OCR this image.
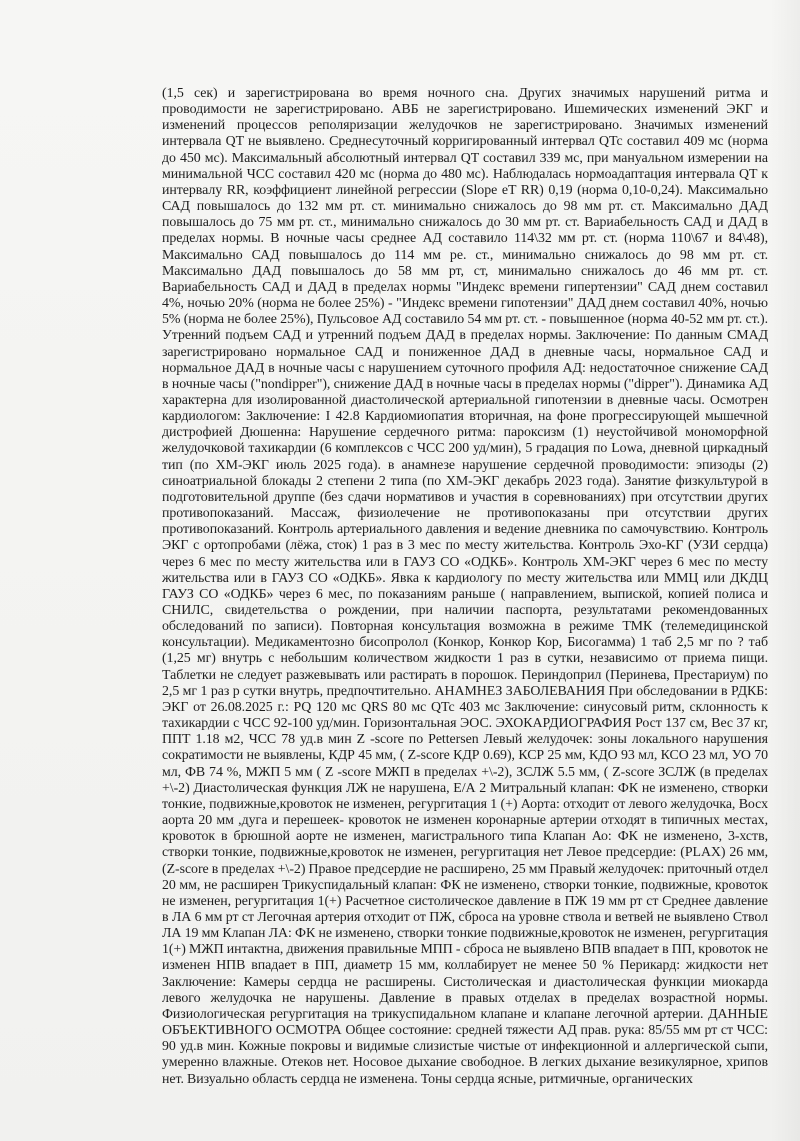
(1,5 сек) и зарегистрирована во время ночного сна. Других значимых нарушений ритма и проводимости не зарегистрировано. АВБ не зарегистрировано. Ишемических изменений ЭКГ и изменений процессов реполяризации желудочков не зарегистрировано. Значимых изменений интервала QT не выявлено. Среднесуточный корригированный интервал QTc составил 409 мс (норма до 450 мс). Максимальный абсолютный интервал QT составил 339 мс, при мануальном измерении на минимальной ЧСС составил 420 мс (норма до 480 мс). Наблюдалась нормоадаптация интервала QT к интервалу RR, коэффициент линейной регрессии (Slope eT RR) 0,19 (норма 0,10-0,24). Максимально САД повышалось до 132 мм рт. ст. минимально снижалось до 98 мм рт. ст. Максимально ДАД повышалось до 75 мм рт. ст., минимально снижалось до 30 мм рт. ст. Вариабельность САД и ДАД в пределах нормы. В ночные часы среднее АД составило 114\32 мм рт. ст. (норма 110\67 и 84\48), Максимально САД повышалось до 114 мм ре. ст., минимально снижалось до 98 мм рт. ст. Максимально ДАД повышалось до 58 мм рт, ст, минимально снижалось до 46 мм рт. ст. Вариабельность САД и ДАД в пределах нормы "Индекс времени гипертензии" САД днем составил 4%, ночью 20% (норма не более 25%) - "Индекс времени гипотензии" ДАД днем составил 40%, ночью 5% (норма не более 25%), Пульсовое АД составило 54 мм рт. ст. - повышенное (норма 40-52 мм рт. ст.). Утренний подъем САД и утренний подъем ДАД в пределах нормы. Заключение: По данным СМАД зарегистрировано нормальное САД и пониженное ДАД в дневные часы, нормальное САД и нормальное ДАД в ночные часы с нарушением суточного профиля АД: недостаточное снижение САД в ночные часы ("nondipper"), снижение ДАД в ночные часы в пределах нормы ("dipper"). Динамика АД характерна для изолированной диастолической артериальной гипотензии в дневные часы. Осмотрен кардиологом: Заключение: I 42.8 Кардиомиопатия вторичная, на фоне прогрессирующей мышечной дистрофией Дюшенна: Нарушение сердечного ритма: пароксизм (1) неустойчивой мономорфной желудочковой тахикардии (6 комплексов с ЧСС 200 уд/мин), 5 градация по Lowa, дневной циркадный тип (по ХМ-ЭКГ июль 2025 года). в анамнезе нарушение сердечной проводимости: эпизоды (2) синоатриальной блокады 2 степени 2 типа (по ХМ-ЭКГ декабрь 2023 года). Занятие физкультурой в подготовительной друппе (без сдачи нормативов и участия в соревнованиях) при отсутствии других противопоказаний. Массаж, физиолечение не противопоказаны при отсутствии других противопоказаний. Контроль артериального давления и ведение дневника по самочувствию. Контроль ЭКГ с ортопробами (лёжа, сток) 1 раз в 3 мес по месту жительства. Контроль Эхо-КГ (УЗИ сердца) через 6 мес по месту жительства или в ГАУЗ СО «ОДКБ». Контроль ХМ-ЭКГ через 6 мес по месту жительства или в ГАУЗ СО «ОДКБ». Явка к кардиологу по месту жительства или ММЦ или ДКДЦ ГАУЗ СО «ОДКБ» через 6 мес, по показаниям раньше ( направлением, выпиской, копией полиса и СНИЛС, свидетельства о рождении, при наличии паспорта, результатами рекомендованных обследований по записи). Повторная консультация возможна в режиме ТМК (телемедицинской консультации). Медикаментозно бисопролол (Конкор, Конкор Кор, Бисогамма) 1 таб 2,5 мг по ? таб (1,25 мг) внутрь с небольшим количеством жидкости 1 раз в сутки, независимо от приема пищи. Таблетки не следует разжевывать или растирать в порошок. Периндоприл (Перинева, Престариум) по 2,5 мг 1 раз р сутки внутрь, предпочтительно. АНАМНЕЗ ЗАБОЛЕВАНИЯ При обследовании в РДКБ: ЭКГ от 26.08.2025 г.: PQ 120 мс QRS 80 мс QTc 403 мс Заключение: синусовый ритм, склонность к тахикардии с ЧСС 92-100 уд/мин. Горизонтальная ЭОС. ЭХОКАРДИОГРАФИЯ Рост 137 см, Вес 37 кг, ППТ 1.18 м2, ЧСС 78 уд.в мин Z -score по Pettersen Левый желудочек: зоны локального нарушения сократимости не выявлены, КДР 45 мм, ( Z-score КДР 0.69), КСР 25 мм, КДО 93 мл, КСО 23 мл, УО 70 мл, ФВ 74 %, МЖП 5 мм ( Z -score МЖП в пределах +\-2), ЗСЛЖ 5.5 мм, ( Z-score ЗСЛЖ (в пределах +\-2) Диастолическая функция ЛЖ не нарушена, Е/А 2 Митральный клапан: ФК не изменено, створки тонкие, подвижные,кровоток не изменен, регургитация 1 (+) Аорта: отходит от левого желудочка, Восх аорта 20 мм ,дуга и перешеек- кровоток не изменен коронарные артерии отходят в типичных местах, кровоток в брюшной аорте не изменен, магистрального типа Клапан Ао: ФК не изменено, 3-хств, створки тонкие, подвижные,кровоток не изменен, регургитация нет Левое предсердие: (PLAX) 26 мм, (Z-score в пределах +\-2) Правое предсердие не расширено, 25 мм Правый желудочек: приточный отдел 20 мм, не расширен Трикуспидальный клапан: ФК не изменено, створки тонкие, подвижные, кровоток не изменен, регургитация 1(+) Расчетное систолическое давление в ПЖ 19 мм рт ст Среднее давление в ЛА 6 мм рт ст Легочная артерия отходит от ПЖ, сброса на уровне ствола и ветвей не выявлено Ствол ЛА 19 мм Клапан ЛА: ФК не изменено, створки тонкие подвижные,кровоток не изменен, регургитация 1(+) МЖП интактна, движения правильные МПП - сброса не выявлено ВПВ впадает в ПП, кровоток не изменен НПВ впадает в ПП, диаметр 15 мм, коллабирует не менее 50 % Перикард: жидкости нет Заключение: Камеры сердца не расширены. Систолическая и диастолическая функции миокарда левого желудочка не нарушены. Давление в правых отделах в пределах возрастной нормы. Физиологическая регургитация на трикуспидальном клапане и клапане легочной артерии. ДАННЫЕ ОБЪЕКТИВНОГО ОСМОТРА Общее состояние: средней тяжести АД прав. рука: 85/55 мм рт ст ЧСС: 90 уд.в мин. Кожные покровы и видимые слизистые чистые от инфекционной и аллергической сыпи, умеренно влажные. Отеков нет. Носовое дыхание свободное. В легких дыхание везикулярное, хрипов нет. Визуально область сердца не изменена. Тоны сердца ясные, ритмичные, органических
